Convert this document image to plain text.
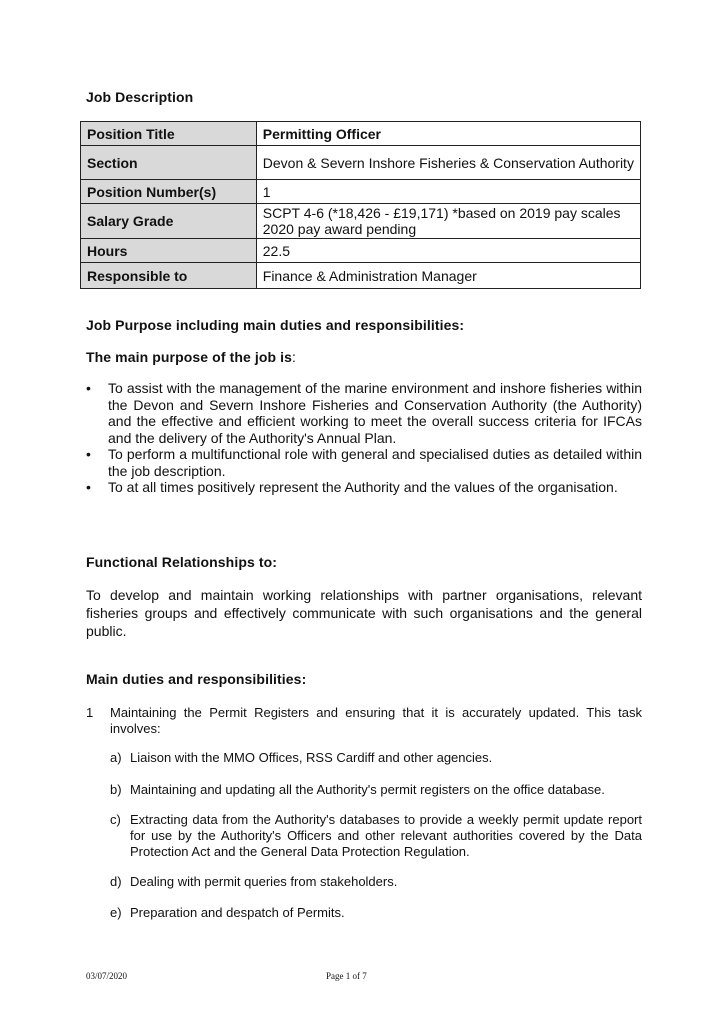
Job Description
Position Title	Permitting Officer
Section	Devon & Severn Inshore Fisheries & Conservation Authority
Position Number(s)	1
Salary Grade	SCPT 4-6 (*18,426 - £19,171) *based on 2019 pay scales 2020 pay award pending
Hours	22.5
Responsible to	Finance & Administration Manager
Job Purpose including main duties and responsibilities:
The main purpose of the job is:
• To assist with the management of the marine environment and inshore fisheries within the Devon and Severn Inshore Fisheries and Conservation Authority (the Authority) and the effective and efficient working to meet the overall success criteria for IFCAs and the delivery of the Authority's Annual Plan.
• To perform a multifunctional role with general and specialised duties as detailed within the job description.
• To at all times positively represent the Authority and the values of the organisation.
Functional Relationships to:
To develop and maintain working relationships with partner organisations, relevant fisheries groups and effectively communicate with such organisations and the general public.
Main duties and responsibilities:
1 Maintaining the Permit Registers and ensuring that it is accurately updated. This task involves:
a) Liaison with the MMO Offices, RSS Cardiff and other agencies.
b) Maintaining and updating all the Authority's permit registers on the office database.
c) Extracting data from the Authority's databases to provide a weekly permit update report for use by the Authority's Officers and other relevant authorities covered by the Data Protection Act and the General Data Protection Regulation.
d) Dealing with permit queries from stakeholders.
e) Preparation and despatch of Permits.
03/07/2020	Page 1 of 7
